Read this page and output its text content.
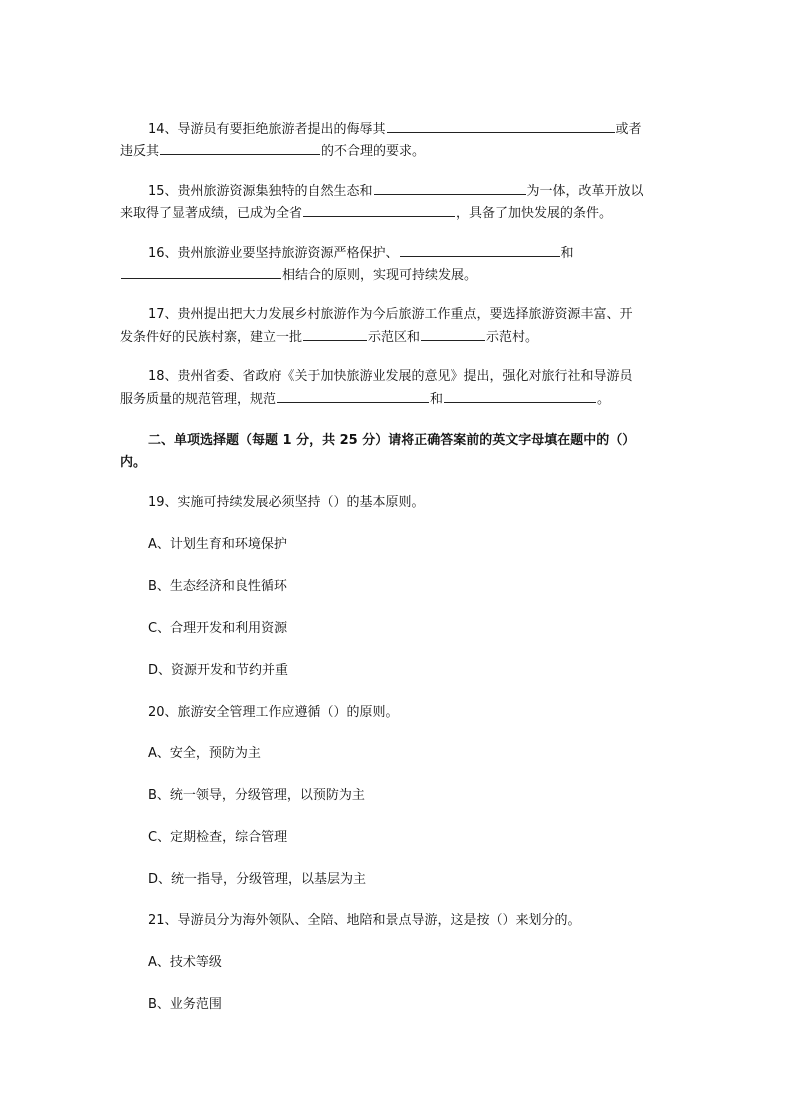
14、导游员有要拒绝旅游者提出的侮辱其	或者
违反其	的不合理的要求。
15、贵州旅游资源集独特的自然生态和	为一体，改革开放以
来取得了显著成绩，已成为全省	，具备了加快发展的条件。
16、贵州旅游业要坚持旅游资源严格保护、	和
相结合的原则，实现可持续发展。
17、贵州提出把大力发展乡村旅游作为今后旅游工作重点，要选择旅游资源丰富、开
发条件好的民族村寨，建立一批	示范区和	示范村。
18、贵州省委、省政府《关于加快旅游业发展的意见》提出，强化对旅行社和导游员
服务质量的规范管理，规范	和	。
二、单项选择题（每题 1 分，共 25 分）请将正确答案前的英文字母填在题中的（）
内。
19、实施可持续发展必须坚持（）的基本原则。
A、计划生育和环境保护
B、生态经济和良性循环
C、合理开发和利用资源
D、资源开发和节约并重
20、旅游安全管理工作应遵循（）的原则。
A、安全，预防为主
B、统一领导，分级管理，以预防为主
C、定期检查，综合管理
D、统一指导，分级管理，以基层为主
21、导游员分为海外领队、全陪、地陪和景点导游，这是按（）来划分的。
A、技术等级
B、业务范围
